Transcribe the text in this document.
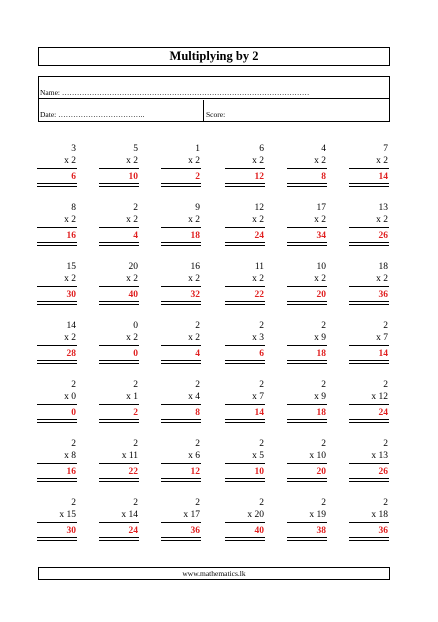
Multiplying by 2
Name: ………………………………………………………………………………………
Date: ……………………………..	Score:
3
x 2
6
5
x 2
10
1
x 2
2
6
x 2
12
4
x 2
8
7
x 2
14
8
x 2
16
2
x 2
4
9
x 2
18
12
x 2
24
17
x 2
34
13
x 2
26
15
x 2
30
20
x 2
40
16
x 2
32
11
x 2
22
10
x 2
20
18
x 2
36
14
x 2
28
0
x 2
0
2
x 2
4
2
x 3
6
2
x 9
18
2
x 7
14
2
x 0
0
2
x 1
2
2
x 4
8
2
x 7
14
2
x 9
18
2
x 12
24
2
x 8
16
2
x 11
22
2
x 6
12
2
x 5
10
2
x 10
20
2
x 13
26
2
x 15
30
2
x 14
24
2
x 17
36
2
x 20
40
2
x 19
38
2
x 18
36
www.mathematics.lk
